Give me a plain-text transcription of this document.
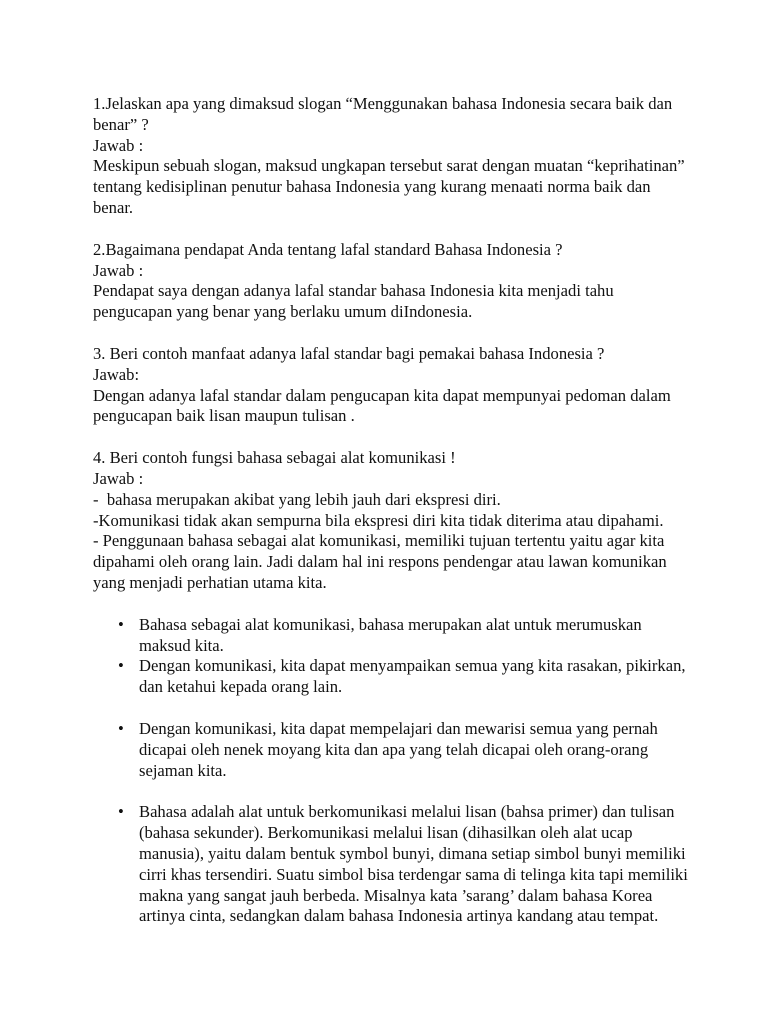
1.Jelaskan apa yang dimaksud slogan “Menggunakan bahasa Indonesia secara baik dan benar” ?
Jawab :
Meskipun sebuah slogan, maksud ungkapan tersebut sarat dengan muatan “keprihatinan” tentang kedisiplinan penutur bahasa Indonesia yang kurang menaati norma baik dan benar.
2.Bagaimana pendapat Anda tentang lafal standard Bahasa Indonesia ?
Jawab :
Pendapat saya dengan adanya lafal standar bahasa Indonesia kita menjadi tahu pengucapan yang benar yang berlaku umum diIndonesia.
3. Beri contoh manfaat adanya lafal standar bagi pemakai bahasa Indonesia ?
Jawab:
Dengan adanya lafal standar dalam pengucapan kita dapat mempunyai pedoman dalam pengucapan baik lisan maupun tulisan .
4. Beri contoh fungsi bahasa sebagai alat komunikasi !
Jawab :
-  bahasa merupakan akibat yang lebih jauh dari ekspresi diri.
-Komunikasi tidak akan sempurna bila ekspresi diri kita tidak diterima atau dipahami.
- Penggunaan bahasa sebagai alat komunikasi, memiliki tujuan tertentu yaitu agar kita dipahami oleh orang lain. Jadi dalam hal ini respons pendengar atau lawan komunikan yang menjadi perhatian utama kita.
• Bahasa sebagai alat komunikasi, bahasa merupakan alat untuk merumuskan maksud kita.
• Dengan komunikasi, kita dapat menyampaikan semua yang kita rasakan, pikirkan, dan ketahui kepada orang lain.
• Dengan komunikasi, kita dapat mempelajari dan mewarisi semua yang pernah dicapai oleh nenek moyang kita dan apa yang telah dicapai oleh orang-orang sejaman kita.
• Bahasa adalah alat untuk berkomunikasi melalui lisan (bahsa primer) dan tulisan (bahasa sekunder). Berkomunikasi melalui lisan (dihasilkan oleh alat ucap manusia), yaitu dalam bentuk symbol bunyi, dimana setiap simbol bunyi memiliki cirri khas tersendiri. Suatu simbol bisa terdengar sama di telinga kita tapi memiliki makna yang sangat jauh berbeda. Misalnya kata ’sarang’ dalam bahasa Korea artinya cinta, sedangkan dalam bahasa Indonesia artinya kandang atau tempat.
